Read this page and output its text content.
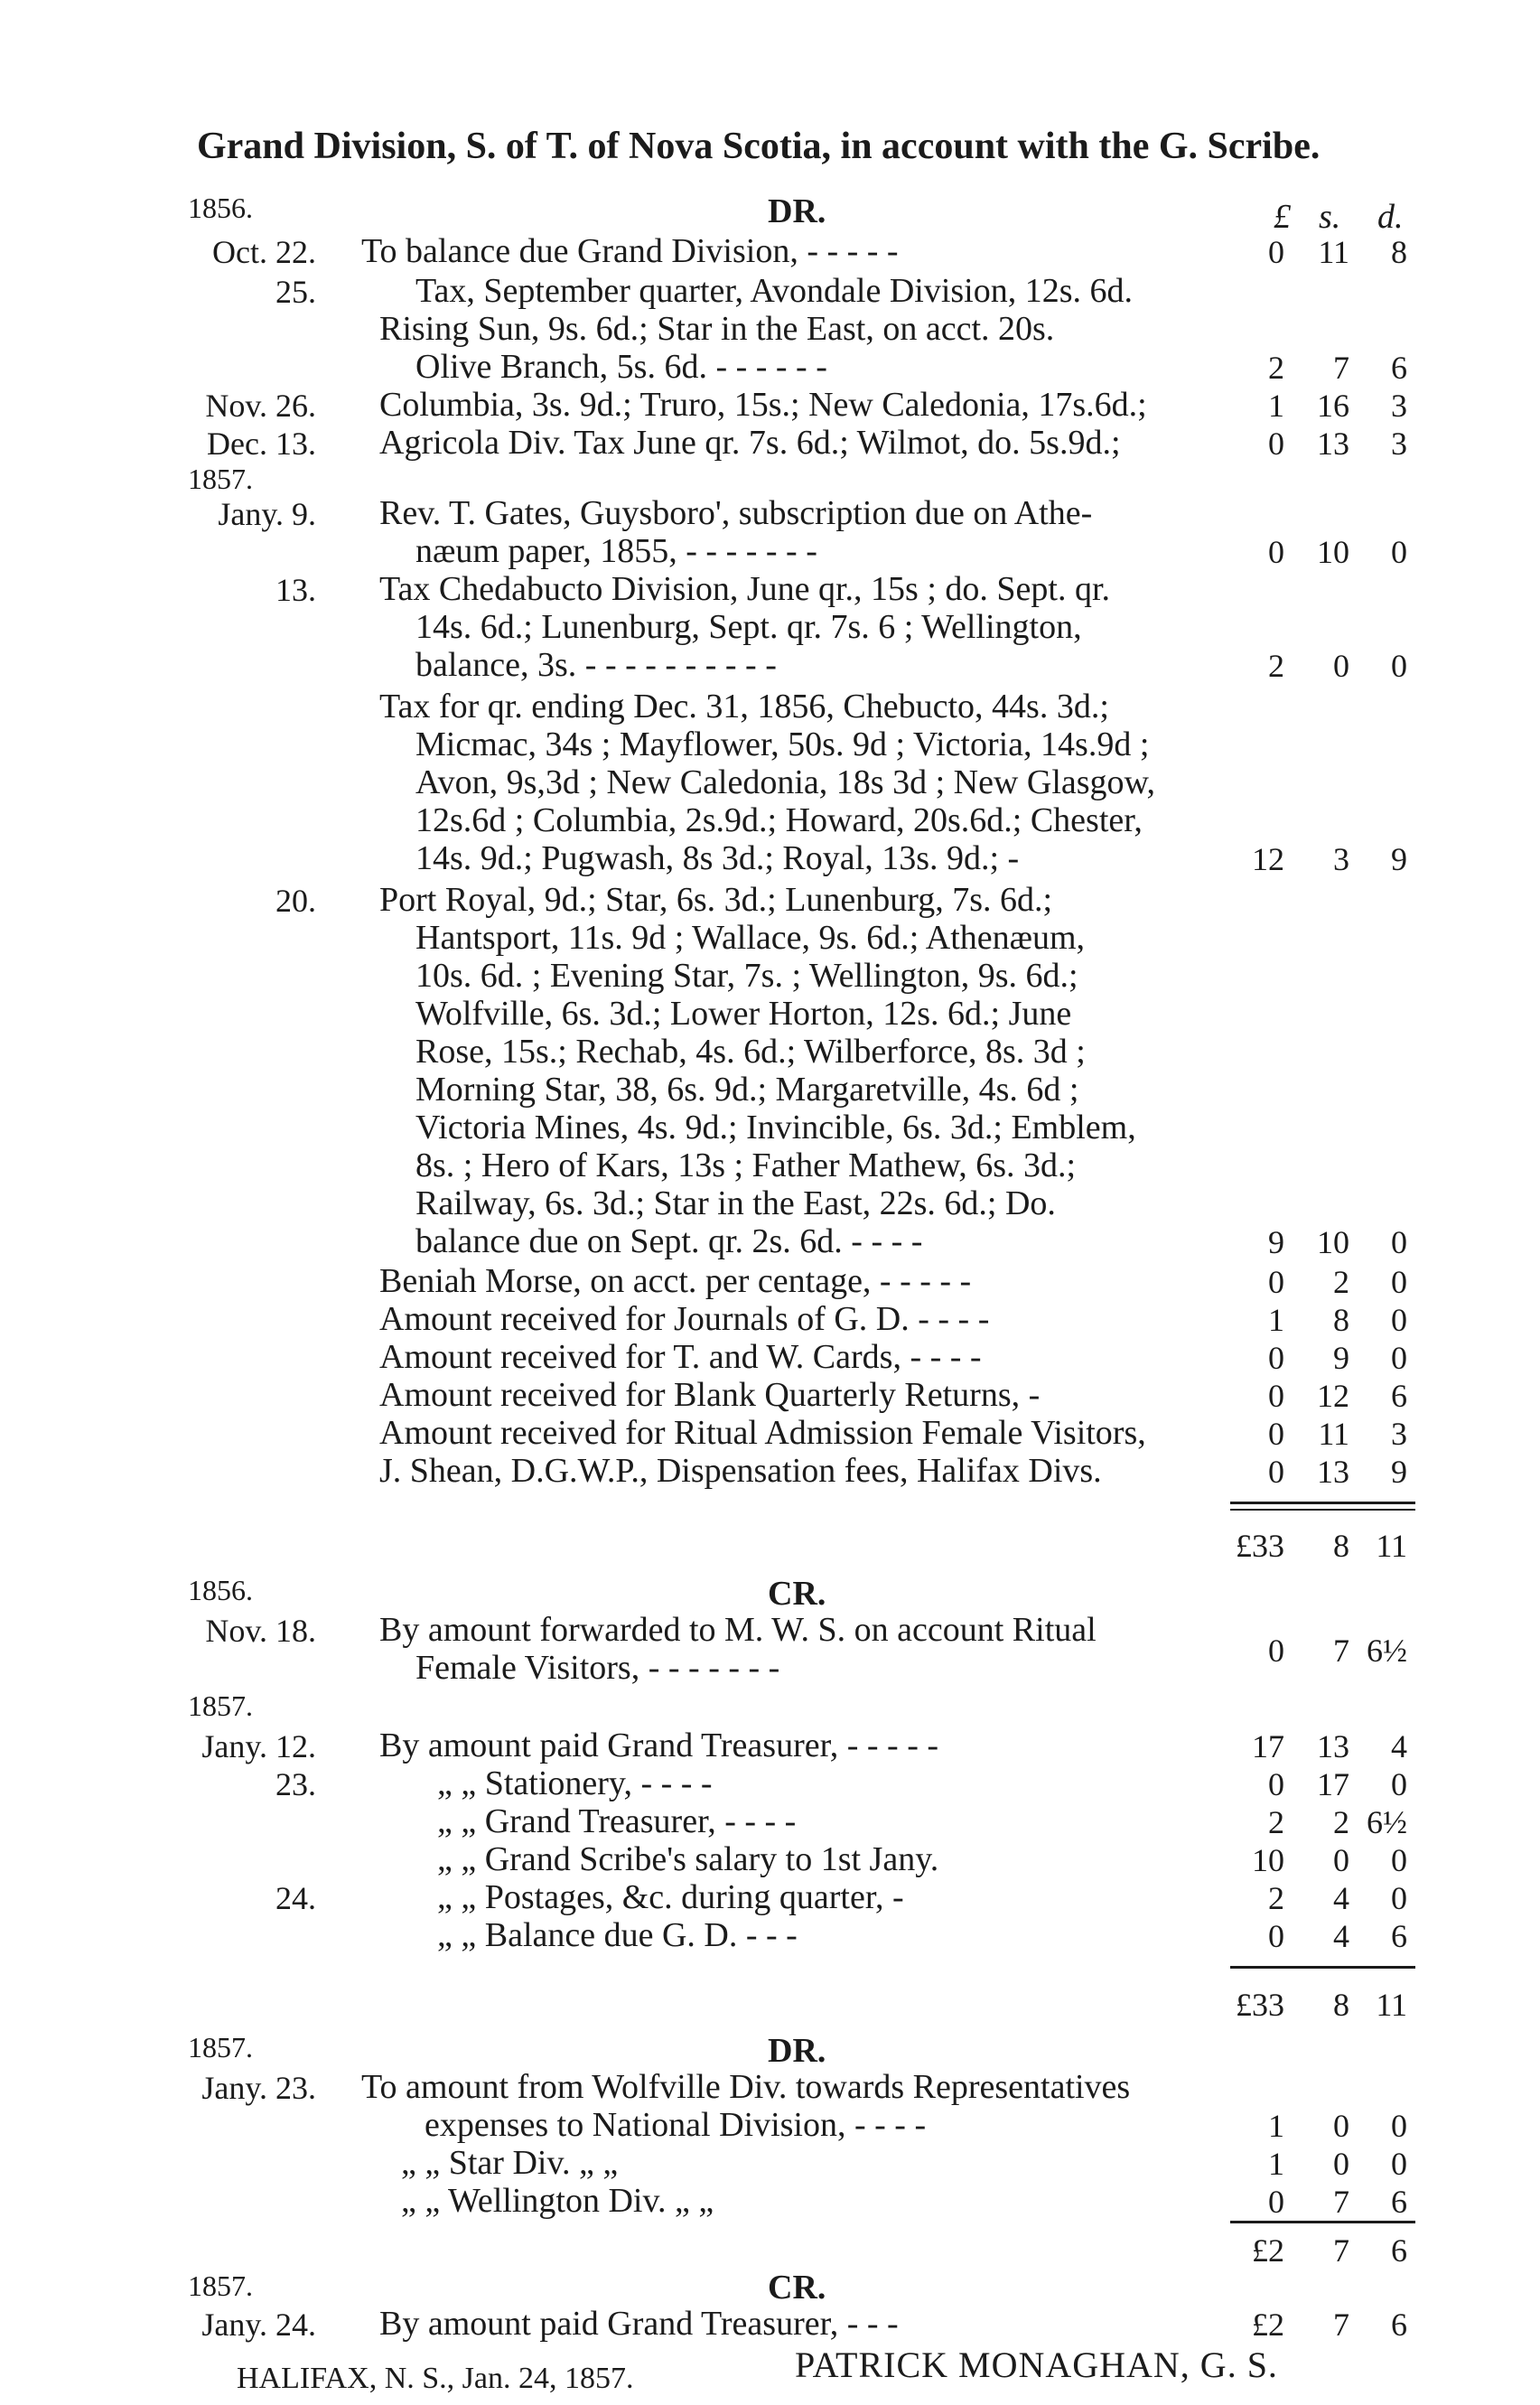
Grand Division, S. of T. of Nova Scotia, in account with the G. Scribe.
£ s. d.
1856.	DR.
Oct. 22. To balance due Grand Division, - - - - -	0	11	8
25.	Tax, September quarter, Avondale Division, 12s. 6d.
Rising Sun, 9s. 6d.; Star in the East, on acct. 20s.
Olive Branch, 5s. 6d. - - - - - -	2	7	6
Nov. 26. Columbia, 3s. 9d.; Truro, 15s.; New Caledonia, 17s.6d.;	1	16	3
Dec. 13. Agricola Div. Tax June qr. 7s. 6d.; Wilmot, do. 5s.9d.;	0	13	3
1857.
Jany. 9. Rev. T. Gates, Guysboro', subscription due on Athe-
næum paper, 1855, - - - - - - -	0	10	0
13. Tax Chedabucto Division, June qr., 15s ; do. Sept. qr.
14s. 6d.; Lunenburg, Sept. qr. 7s. 6 ; Wellington,
balance, 3s. - - - - - - - - - -	2	0	0
Tax for qr. ending Dec. 31, 1856, Chebucto, 44s. 3d.;
Micmac, 34s ; Mayflower, 50s. 9d ; Victoria, 14s.9d ;
Avon, 9s,3d ; New Caledonia, 18s 3d ; New Glasgow,
12s.6d ; Columbia, 2s.9d.; Howard, 20s.6d.; Chester,
14s. 9d.; Pugwash, 8s 3d.; Royal, 13s. 9d.; -	12	3	9
20. Port Royal, 9d.; Star, 6s. 3d.; Lunenburg, 7s. 6d.;
Hantsport, 11s. 9d ; Wallace, 9s. 6d.; Athenæum,
10s. 6d. ; Evening Star, 7s. ; Wellington, 9s. 6d.;
Wolfville, 6s. 3d.; Lower Horton, 12s. 6d.; June
Rose, 15s.; Rechab, 4s. 6d.; Wilberforce, 8s. 3d ;
Morning Star, 38, 6s. 9d.; Margaretville, 4s. 6d ;
Victoria Mines, 4s. 9d.; Invincible, 6s. 3d.; Emblem,
8s. ; Hero of Kars, 13s ; Father Mathew, 6s. 3d.;
Railway, 6s. 3d.; Star in the East, 22s. 6d.; Do.
balance due on Sept. qr. 2s. 6d. - - - -	9	10	0
Beniah Morse, on acct. per centage, - - - - -	0	2	0
Amount received for Journals of G. D. - - - -	1	8	0
Amount received for T. and W. Cards, - - - -	0	9	0
Amount received for Blank Quarterly Returns, -	0	12	6
Amount received for Ritual Admission Female Visitors,	0	11	3
J. Shean, D.G.W.P., Dispensation fees, Halifax Divs.	0	13	9
£33	8 11
1856.	CR.
Nov. 18. By amount forwarded to M. W. S. on account Ritual
Female Visitors, - - - - - - -	0	7 6½
1857.
Jany. 12. By amount paid Grand Treasurer, - - - - -	17	13	4
23.	„ „ Stationery, - - - -	0	17	0
„ „ Grand Treasurer, - - - -	2	2 6½
„ „ Grand Scribe's salary to 1st Jany.	10	0	0
24.	„ „ Postages, &c. during quarter, -	2	4	0
„ „ Balance due G. D. - - -	0	4	6
£33	8 11
1857.	DR.
Jany. 23. To amount from Wolfville Div. towards Representatives
expenses to National Division, - - - -	1	0	0
„ „ Star Div. „ „	1	0	0
„ „ Wellington Div. „ „	0	7	6
£2	7	6
1857.	CR.
Jany. 24. By amount paid Grand Treasurer, - - -	£2	7	6
PATRICK MONAGHAN, G. S.
HALIFAX, N. S., Jan. 24, 1857.
